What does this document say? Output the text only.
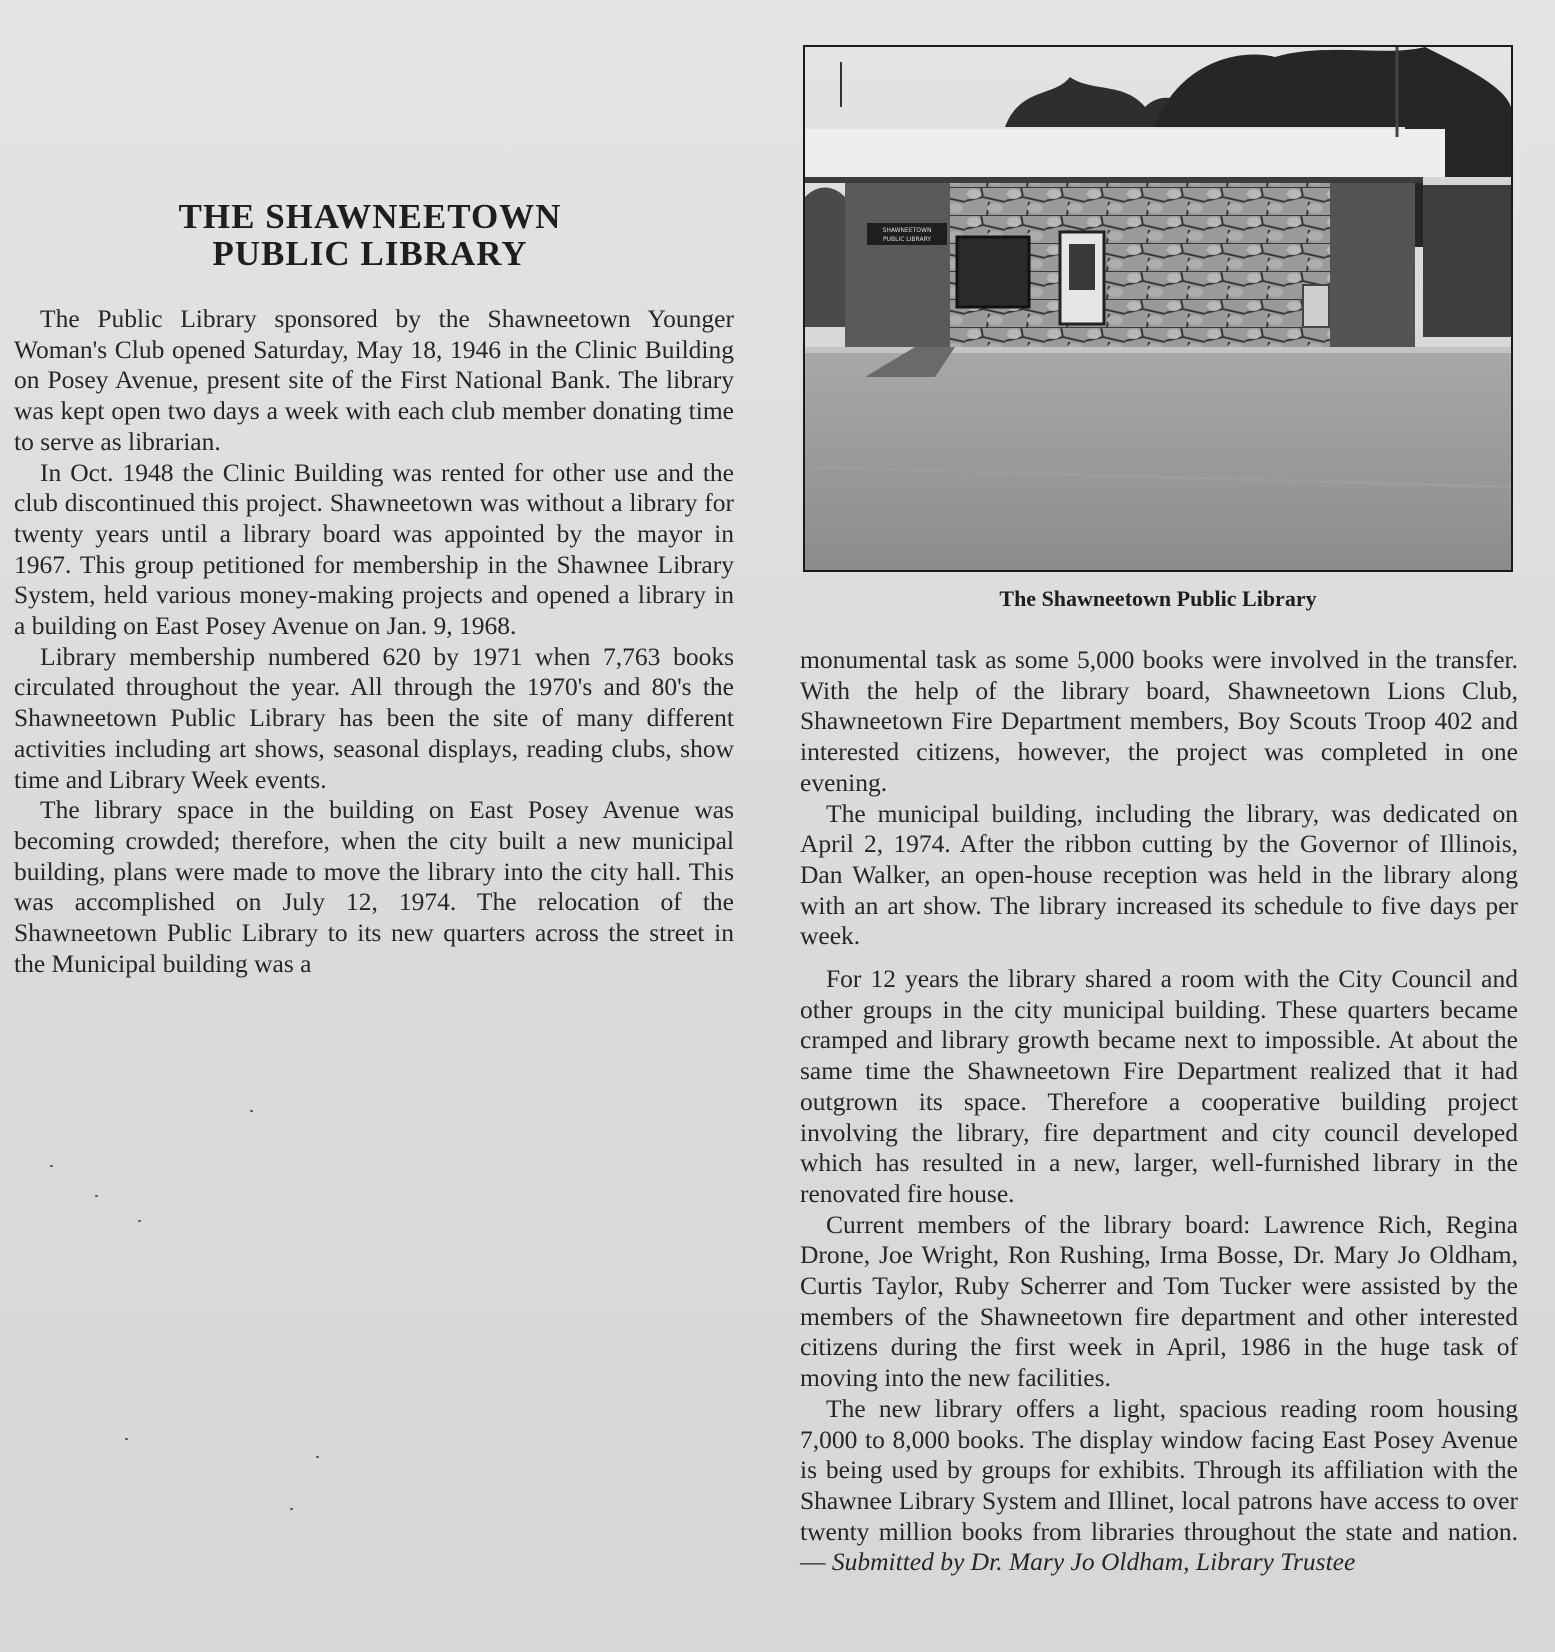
THE SHAWNEETOWN
PUBLIC LIBRARY

The Public Library sponsored by the Shawneetown Younger Woman's Club opened Saturday, May 18, 1946 in the Clinic Building on Posey Avenue, present site of the First National Bank. The library was kept open two days a week with each club member donating time to serve as librarian.

In Oct. 1948 the Clinic Building was rented for other use and the club discontinued this project. Shawneetown was without a library for twenty years until a library board was appointed by the mayor in 1967. This group petitioned for membership in the Shawnee Library System, held various money-making projects and opened a library in a building on East Posey Avenue on Jan. 9, 1968.

Library membership numbered 620 by 1971 when 7,763 books circulated throughout the year. All through the 1970's and 80's the Shawneetown Public Library has been the site of many different activities including art shows, seasonal displays, reading clubs, show time and Library Week events.

The library space in the building on East Posey Avenue was becoming crowded; therefore, when the city built a new municipal building, plans were made to move the library into the city hall. This was accomplished on July 12, 1974. The relocation of the Shawneetown Public Library to its new quarters across the street in the Municipal building was a

SHAWNEETOWN
PUBLIC LIBRARY
The Shawneetown Public Library

monumental task as some 5,000 books were involved in the transfer. With the help of the library board, Shawneetown Lions Club, Shawneetown Fire Department members, Boy Scouts Troop 402 and interested citizens, however, the project was completed in one evening.

The municipal building, including the library, was dedicated on April 2, 1974. After the ribbon cutting by the Governor of Illinois, Dan Walker, an open-house reception was held in the library along with an art show. The library increased its schedule to five days per week.

For 12 years the library shared a room with the City Council and other groups in the city municipal building. These quarters became cramped and library growth became next to impossible. At about the same time the Shawneetown Fire Department realized that it had outgrown its space. Therefore a cooperative building project involving the library, fire department and city council developed which has resulted in a new, larger, well-furnished library in the renovated fire house.

Current members of the library board: Lawrence Rich, Regina Drone, Joe Wright, Ron Rushing, Irma Bosse, Dr. Mary Jo Oldham, Curtis Taylor, Ruby Scherrer and Tom Tucker were assisted by the members of the Shawneetown fire department and other interested citizens during the first week in April, 1986 in the huge task of moving into the new facilities.

The new library offers a light, spacious reading room housing 7,000 to 8,000 books. The display window facing East Posey Avenue is being used by groups for exhibits. Through its affiliation with the Shawnee Library System and Illinet, local patrons have access to over twenty million books from libraries throughout the state and nation. — Submitted by Dr. Mary Jo Oldham, Library Trustee
